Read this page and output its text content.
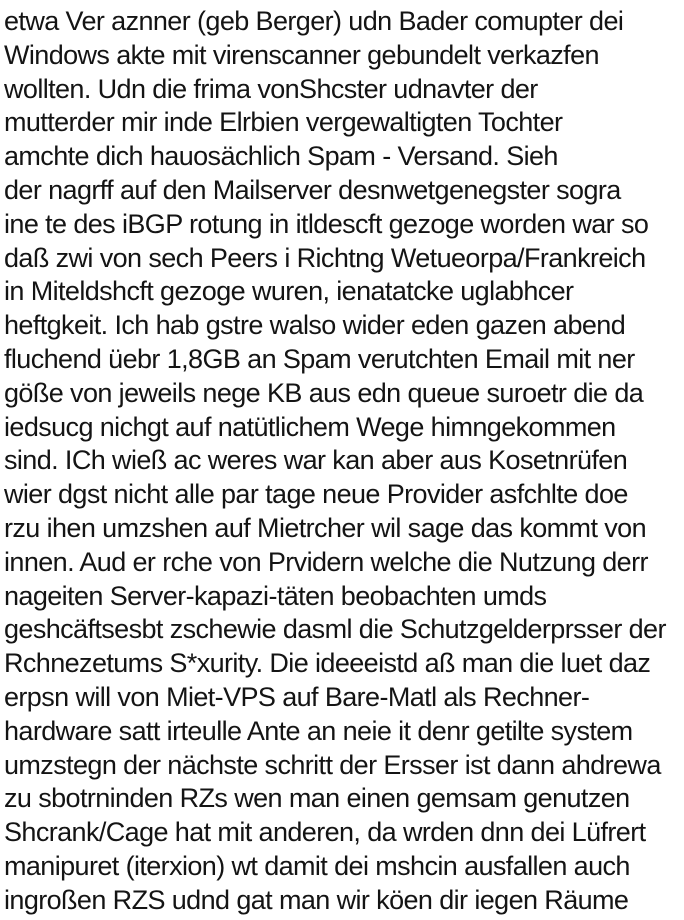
etwa Ver aznner (geb Berger) udn Bader comupter dei
Windows akte mit virenscanner gebundelt verkazfen
wollten. Udn die frima vonShcster udnavter der
mutterder mir inde Elrbien vergewaltigten Tochter
amchte dich hauosächlich Spam - Versand. Sieh
der nagrff auf den Mailserver desnwetgenegster sogra
ine te des iBGP rotung in itldescft gezoge worden war so
daß zwi von sech Peers i Richtng Wetueorpa/Frankreich
in Miteldshcft gezoge wuren, ienatatcke uglabhcer
heftgkeit. Ich hab gstre walso wider eden gazen abend
fluchend üebr 1,8GB an Spam verutchten Email mit ner
göße von jeweils nege KB aus edn queue suroetr die da
iedsucg nichgt auf natütlichem Wege himngekommen
sind. ICh wieß ac weres war kan aber aus Kosetnrüfen
wier dgst nicht alle par tage neue Provider asfchlte doe
rzu ihen umzshen auf Mietrcher wil sage das kommt von
innen. Aud er rche von Prvidern welche die Nutzung derr
nageiten Server-kapazi-täten beobachten umds
geshcäftsesbt zschewie dasml die Schutzgelderprsser der
Rchnezetums S*xurity. Die ideeeistd aß man die luet daz
erpsn will von Miet-VPS auf Bare-Matl als Rechner-
hardware satt irteulle Ante an neie it denr getilte system
umzstegn der nächste schritt der Ersser ist dann ahdrewa
zu sbotrninden RZs wen man einen gemsam genutzen
Shcrank/Cage hat mit anderen, da wrden dnn dei Lüfrert
manipuret (iterxion) wt damit dei mshcin ausfallen auch
ingroßen RZS udnd gat man wir köen dir iegen Räume
